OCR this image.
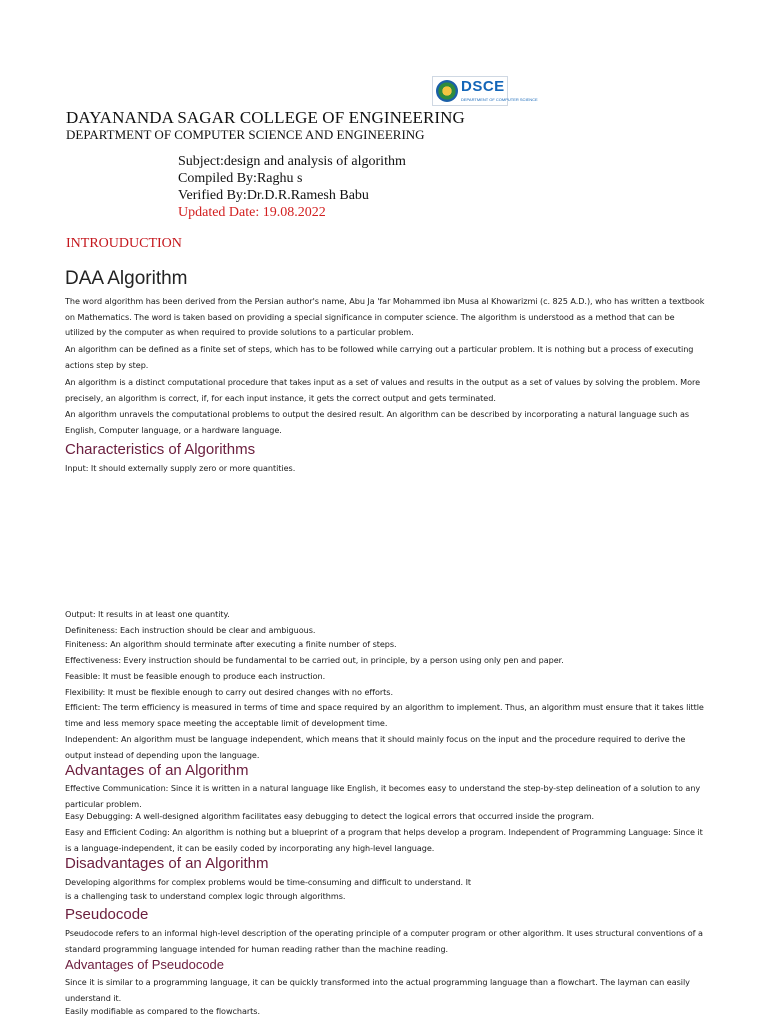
DSCE
DEPARTMENT OF COMPUTER SCIENCE
DAYANANDA SAGAR COLLEGE OF ENGINEERING
DEPARTMENT OF COMPUTER SCIENCE AND ENGINEERING
Subject:design and analysis of algorithm
Compiled By:Raghu s
Verified By:Dr.D.R.Ramesh Babu
Updated Date: 19.08.2022
INTROUDUCTION
DAA Algorithm
The word algorithm has been derived from the Persian author's name, Abu Ja 'far Mohammed ibn Musa al Khowarizmi (c. 825 A.D.), who has written a textbook on Mathematics. The word is taken based on providing a special significance in computer science. The algorithm is understood as a method that can be utilized by the computer as when required to provide solutions to a particular problem.
An algorithm can be defined as a finite set of steps, which has to be followed while carrying out a particular problem. It is nothing but a process of executing actions step by step.
An algorithm is a distinct computational procedure that takes input as a set of values and results in the output as a set of values by solving the problem. More precisely, an algorithm is correct, if, for each input instance, it gets the correct output and gets terminated.
An algorithm unravels the computational problems to output the desired result. An algorithm can be described by incorporating a natural language such as English, Computer language, or a hardware language.
Characteristics of Algorithms
Input: It should externally supply zero or more quantities.
Output: It results in at least one quantity.
Definiteness: Each instruction should be clear and ambiguous.
Finiteness: An algorithm should terminate after executing a finite number of steps.
Effectiveness: Every instruction should be fundamental to be carried out, in principle, by a person using only pen and paper.
Feasible: It must be feasible enough to produce each instruction.
Flexibility: It must be flexible enough to carry out desired changes with no efforts.
Efficient: The term efficiency is measured in terms of time and space required by an algorithm to implement. Thus, an algorithm must ensure that it takes little time and less memory space meeting the acceptable limit of development time.
Independent: An algorithm must be language independent, which means that it should mainly focus on the input and the procedure required to derive the output instead of depending upon the language.
Advantages of an Algorithm
Effective Communication: Since it is written in a natural language like English, it becomes easy to understand the step-by-step delineation of a solution to any particular problem.
Easy Debugging: A well-designed algorithm facilitates easy debugging to detect the logical errors that occurred inside the program.
Easy and Efficient Coding: An algorithm is nothing but a blueprint of a program that helps develop a program. Independent of Programming Language: Since it is a language-independent, it can be easily coded by incorporating any high-level language.
Disadvantages of an Algorithm
Developing algorithms for complex problems would be time-consuming and difficult to understand. It
is a challenging task to understand complex logic through algorithms.
Pseudocode
Pseudocode refers to an informal high-level description of the operating principle of a computer program or other algorithm. It uses structural conventions of a standard programming language intended for human reading rather than the machine reading.
Advantages of Pseudocode
Since it is similar to a programming language, it can be quickly transformed into the actual programming language than a flowchart. The layman can easily understand it.
Easily modifiable as compared to the flowcharts.
